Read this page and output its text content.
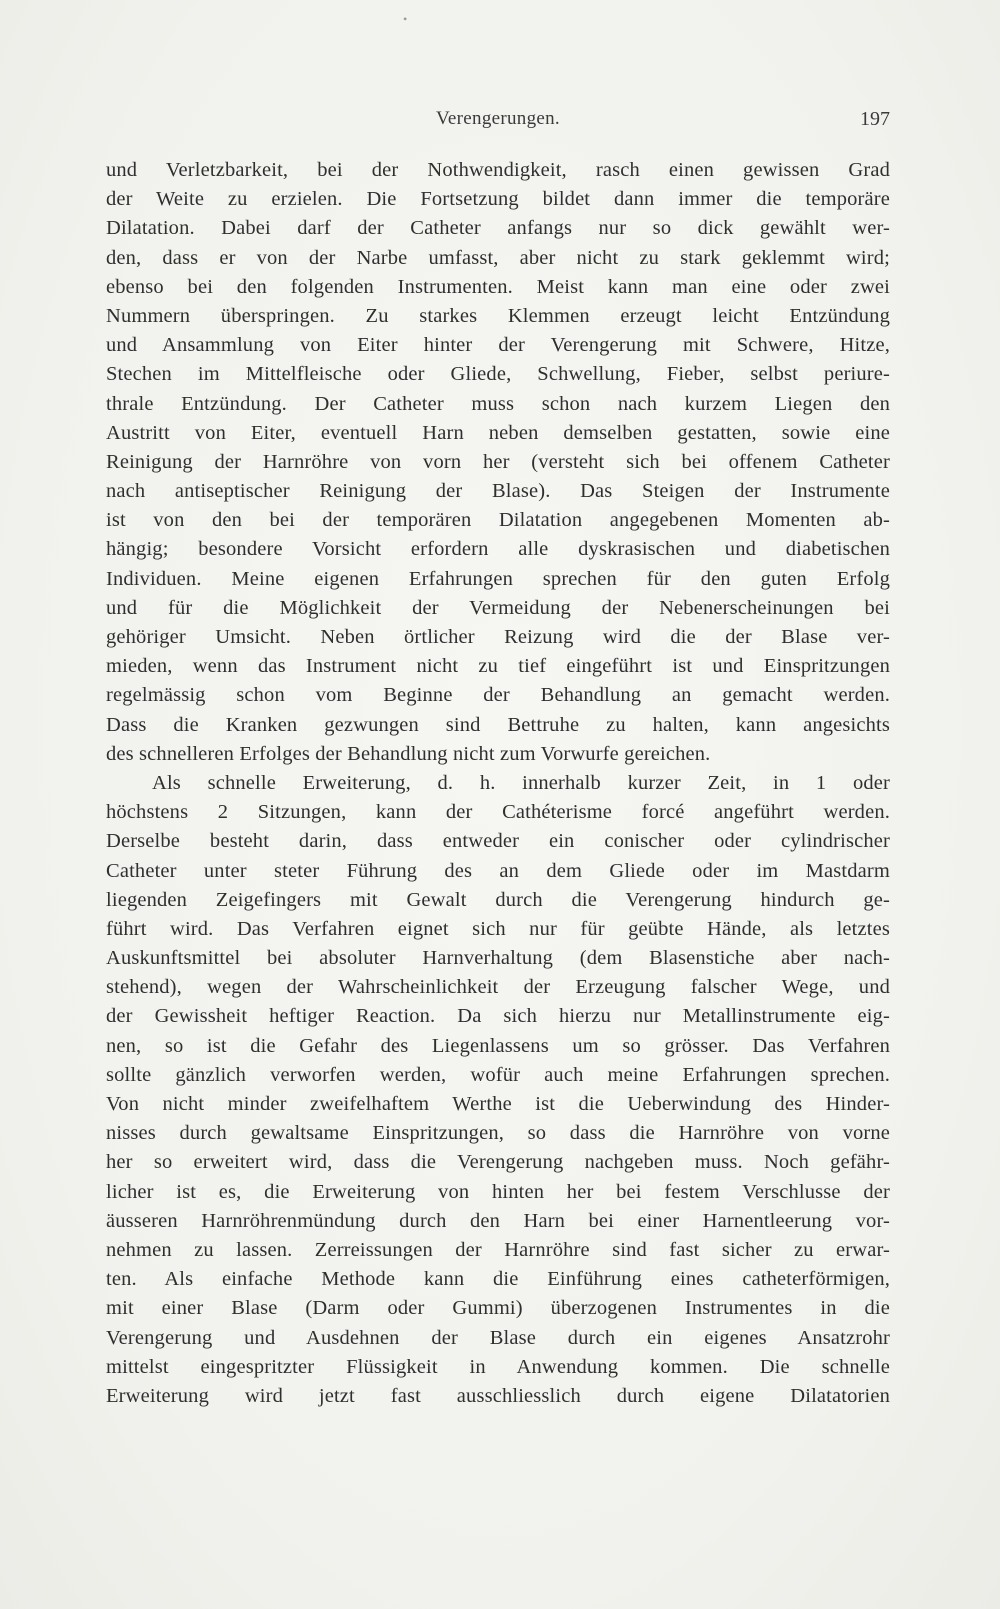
•
Verengerungen.	197
und Verletzbarkeit, bei der Nothwendigkeit, rasch einen gewissen Grad
der Weite zu erzielen. Die Fortsetzung bildet dann immer die temporäre
Dilatation. Dabei darf der Catheter anfangs nur so dick gewählt wer-
den, dass er von der Narbe umfasst, aber nicht zu stark geklemmt wird;
ebenso bei den folgenden Instrumenten. Meist kann man eine oder zwei
Nummern überspringen. Zu starkes Klemmen erzeugt leicht Entzündung
und Ansammlung von Eiter hinter der Verengerung mit Schwere, Hitze,
Stechen im Mittelfleische oder Gliede, Schwellung, Fieber, selbst periure-
thrale Entzündung. Der Catheter muss schon nach kurzem Liegen den
Austritt von Eiter, eventuell Harn neben demselben gestatten, sowie eine
Reinigung der Harnröhre von vorn her (versteht sich bei offenem Catheter
nach antiseptischer Reinigung der Blase). Das Steigen der Instrumente
ist von den bei der temporären Dilatation angegebenen Momenten ab-
hängig; besondere Vorsicht erfordern alle dyskrasischen und diabetischen
Individuen. Meine eigenen Erfahrungen sprechen für den guten Erfolg
und für die Möglichkeit der Vermeidung der Nebenerscheinungen bei
gehöriger Umsicht. Neben örtlicher Reizung wird die der Blase ver-
mieden, wenn das Instrument nicht zu tief eingeführt ist und Einspritzungen
regelmässig schon vom Beginne der Behandlung an gemacht werden.
Dass die Kranken gezwungen sind Bettruhe zu halten, kann angesichts
des schnelleren Erfolges der Behandlung nicht zum Vorwurfe gereichen.
Als schnelle Erweiterung, d. h. innerhalb kurzer Zeit, in 1 oder
höchstens 2 Sitzungen, kann der Cathéterisme forcé angeführt werden.
Derselbe besteht darin, dass entweder ein conischer oder cylindrischer
Catheter unter steter Führung des an dem Gliede oder im Mastdarm
liegenden Zeigefingers mit Gewalt durch die Verengerung hindurch ge-
führt wird. Das Verfahren eignet sich nur für geübte Hände, als letztes
Auskunftsmittel bei absoluter Harnverhaltung (dem Blasenstiche aber nach-
stehend), wegen der Wahrscheinlichkeit der Erzeugung falscher Wege, und
der Gewissheit heftiger Reaction. Da sich hierzu nur Metallinstrumente eig-
nen, so ist die Gefahr des Liegenlassens um so grösser. Das Verfahren
sollte gänzlich verworfen werden, wofür auch meine Erfahrungen sprechen.
Von nicht minder zweifelhaftem Werthe ist die Ueberwindung des Hinder-
nisses durch gewaltsame Einspritzungen, so dass die Harnröhre von vorne
her so erweitert wird, dass die Verengerung nachgeben muss. Noch gefähr-
licher ist es, die Erweiterung von hinten her bei festem Verschlusse der
äusseren Harnröhrenmündung durch den Harn bei einer Harnentleerung vor-
nehmen zu lassen. Zerreissungen der Harnröhre sind fast sicher zu erwar-
ten. Als einfache Methode kann die Einführung eines catheterförmigen,
mit einer Blase (Darm oder Gummi) überzogenen Instrumentes in die
Verengerung und Ausdehnen der Blase durch ein eigenes Ansatzrohr
mittelst eingespritzter Flüssigkeit in Anwendung kommen. Die schnelle
Erweiterung wird jetzt fast ausschliesslich durch eigene Dilatatorien
